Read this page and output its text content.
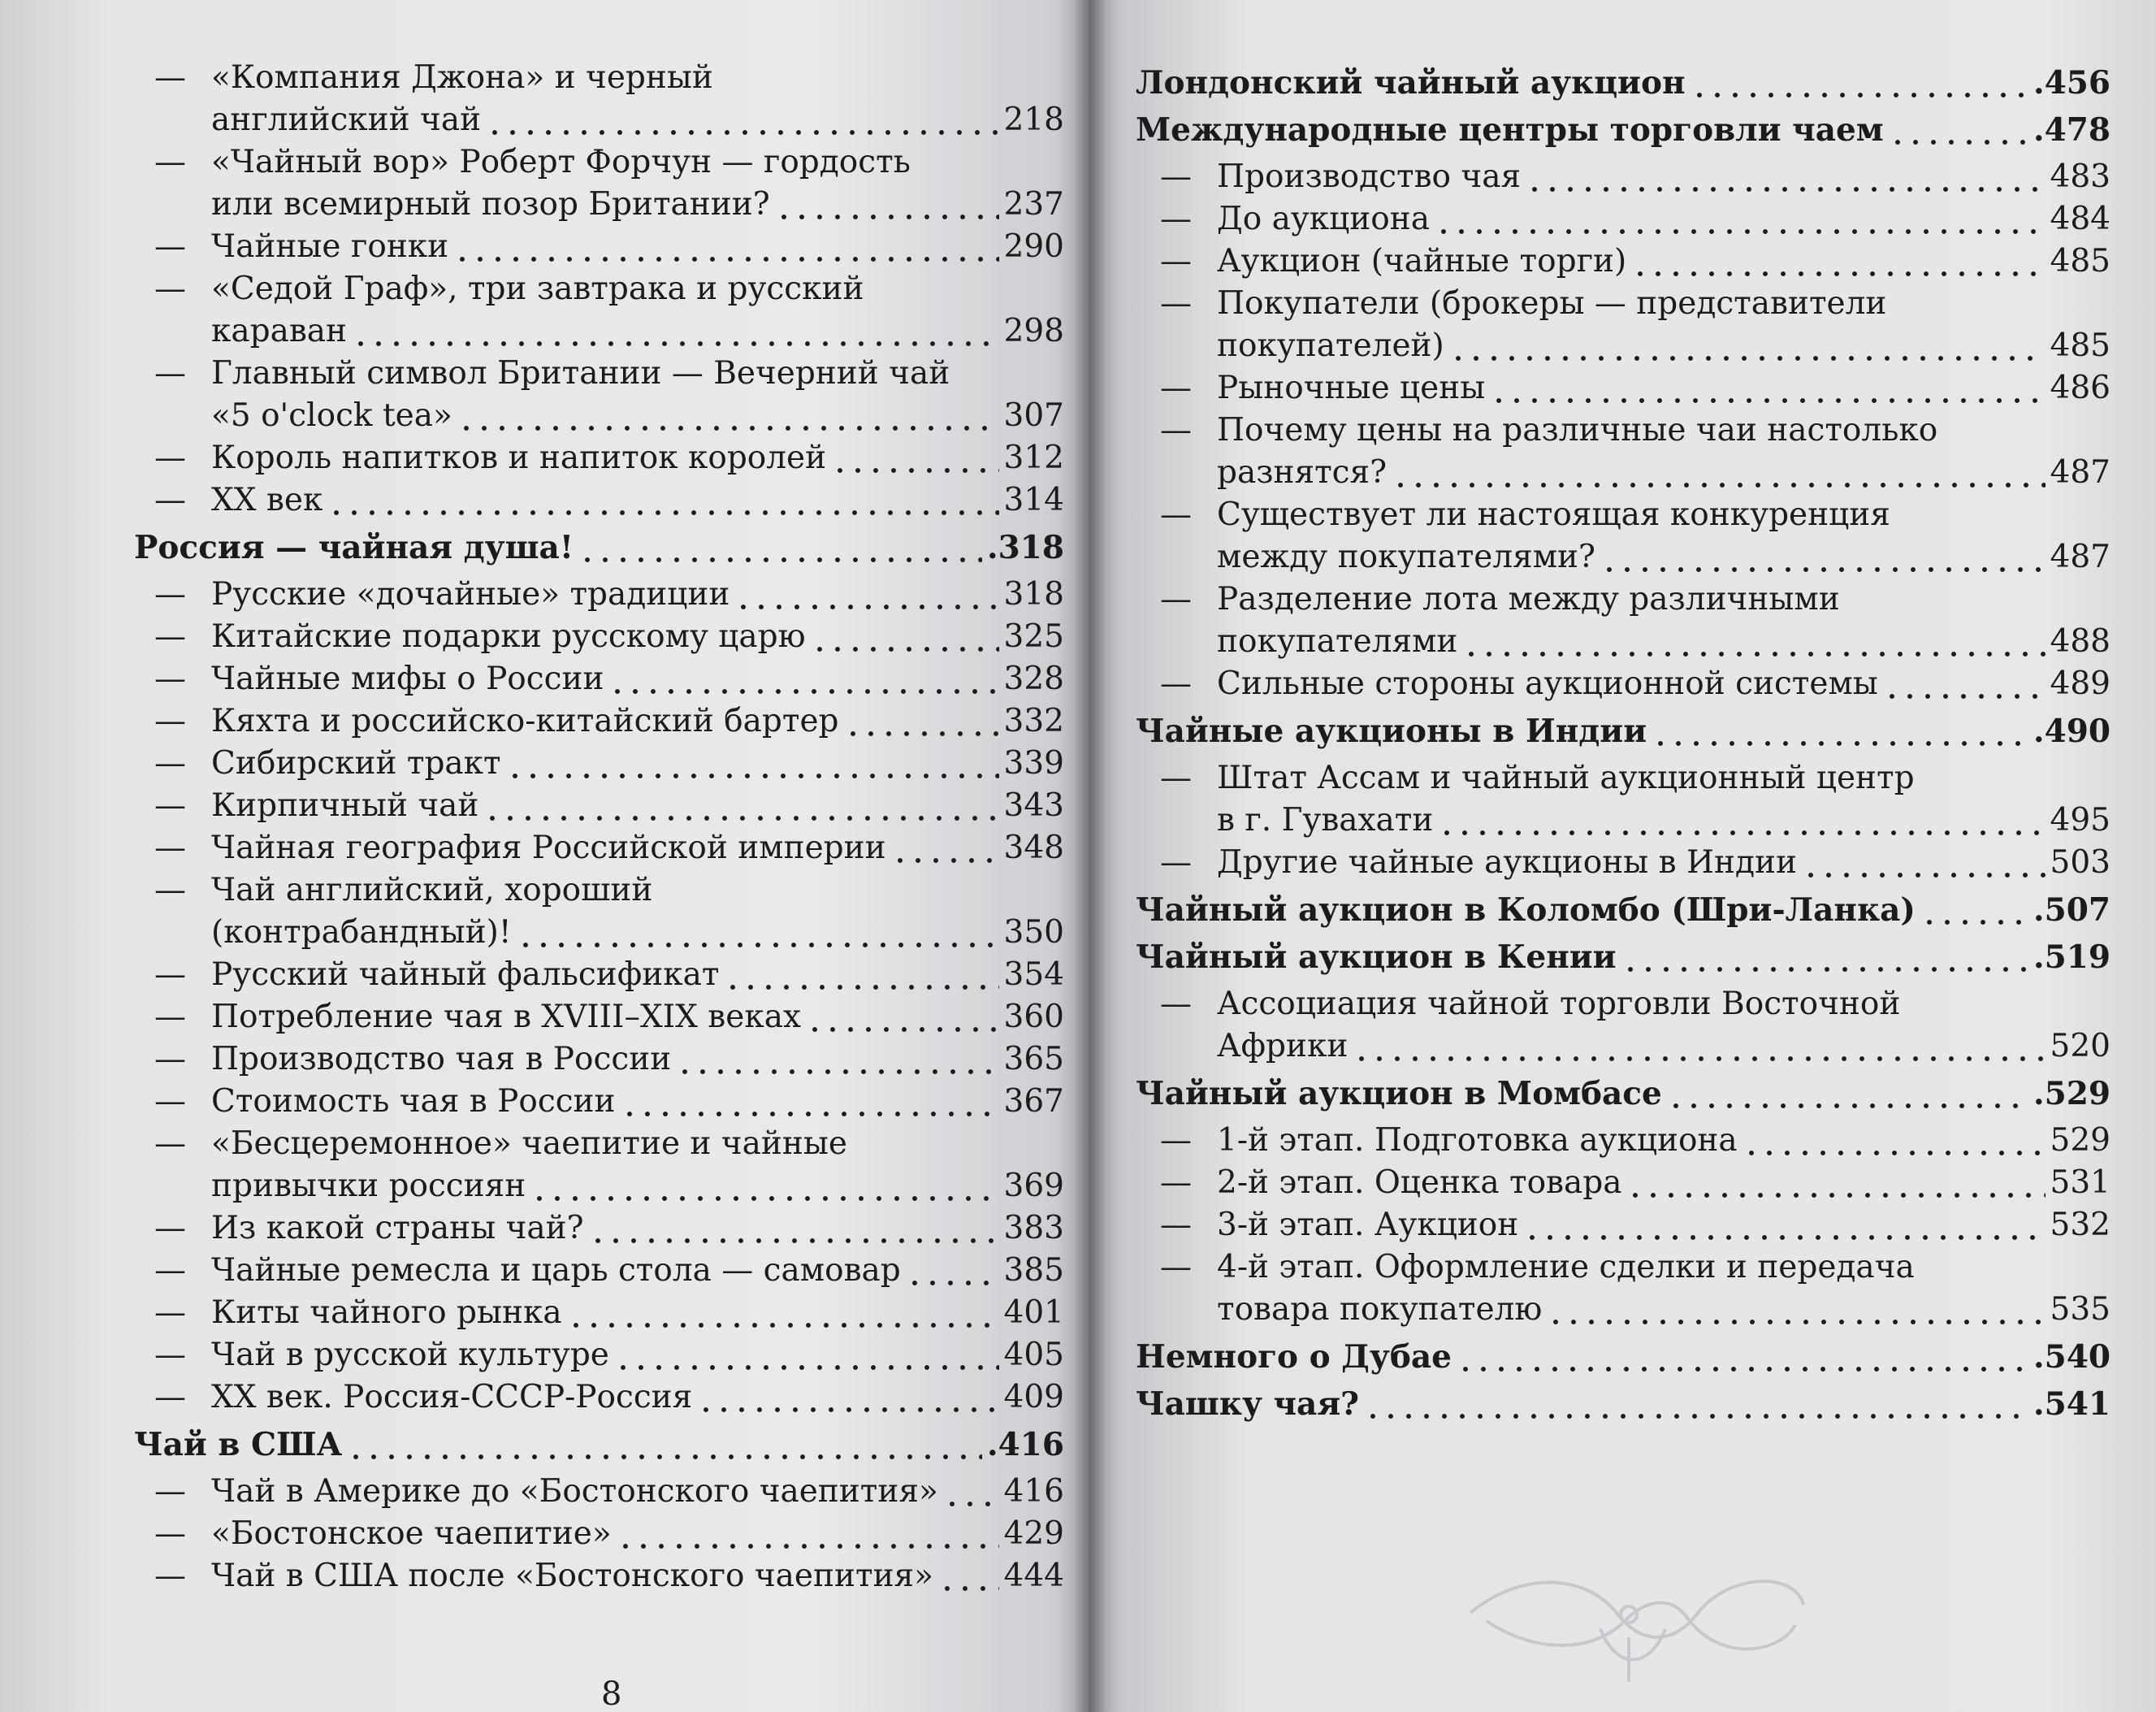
— «Компания Джона» и черный
английский чай	218
— «Чайный вор» Роберт Форчун — гордость
или всемирный позор Британии?	237
— Чайные гонки	290
— «Седой Граф», три завтрака и русский
караван	298
— Главный символ Британии — Вечерний чай
«5 o'clock tea»	307
— Король напитков и напиток королей	312
— XX век	314
Россия — чайная душа!	.318
— Русские «дочайные» традиции	318
— Китайские подарки русскому царю	325
— Чайные мифы о России	328
— Кяхта и российско-китайский бартер	332
— Сибирский тракт	339
— Кирпичный чай	343
— Чайная география Российской империи	348
— Чай английский, хороший
(контрабандный)!	350
— Русский чайный фальсификат	354
— Потребление чая в XVIII–XIX веках	360
— Производство чая в России	365
— Стоимость чая в России	367
— «Бесцеремонное» чаепитие и чайные
привычки россиян	369
— Из какой страны чай?	383
— Чайные ремесла и царь стола — самовар	385
— Киты чайного рынка	401
— Чай в русской культуре	405
— XX век. Россия-СССР-Россия	409
Чай в США	.416
— Чай в Америке до «Бостонского чаепития» 416
— «Бостонское чаепитие»	429
— Чай в США после «Бостонского чаепития» 444
8
Лондонский чайный аукцион	.456
Международные центры торговли чаем	.478
— Производство чая	483
— До аукциона	484
— Аукцион (чайные торги)	485
— Покупатели (брокеры — представители
покупателей)	485
— Рыночные цены	486
— Почему цены на различные чаи настолько
разнятся?	487
— Существует ли настоящая конкуренция
между покупателями?	487
— Разделение лота между различными
покупателями	488
— Сильные стороны аукционной системы	489
Чайные аукционы в Индии	.490
— Штат Ассам и чайный аукционный центр
в г. Гувахати	495
— Другие чайные аукционы в Индии	503
Чайный аукцион в Коломбо (Шри-Ланка)	.507
Чайный аукцион в Кении	.519
— Ассоциация чайной торговли Восточной
Африки	520
Чайный аукцион в Момбасе	.529
— 1-й этап. Подготовка аукциона	529
— 2-й этап. Оценка товара	531
— 3-й этап. Аукцион	532
— 4-й этап. Оформление сделки и передача
товара покупателю	535
Немного о Дубае	.540
Чашку чая?	.541
